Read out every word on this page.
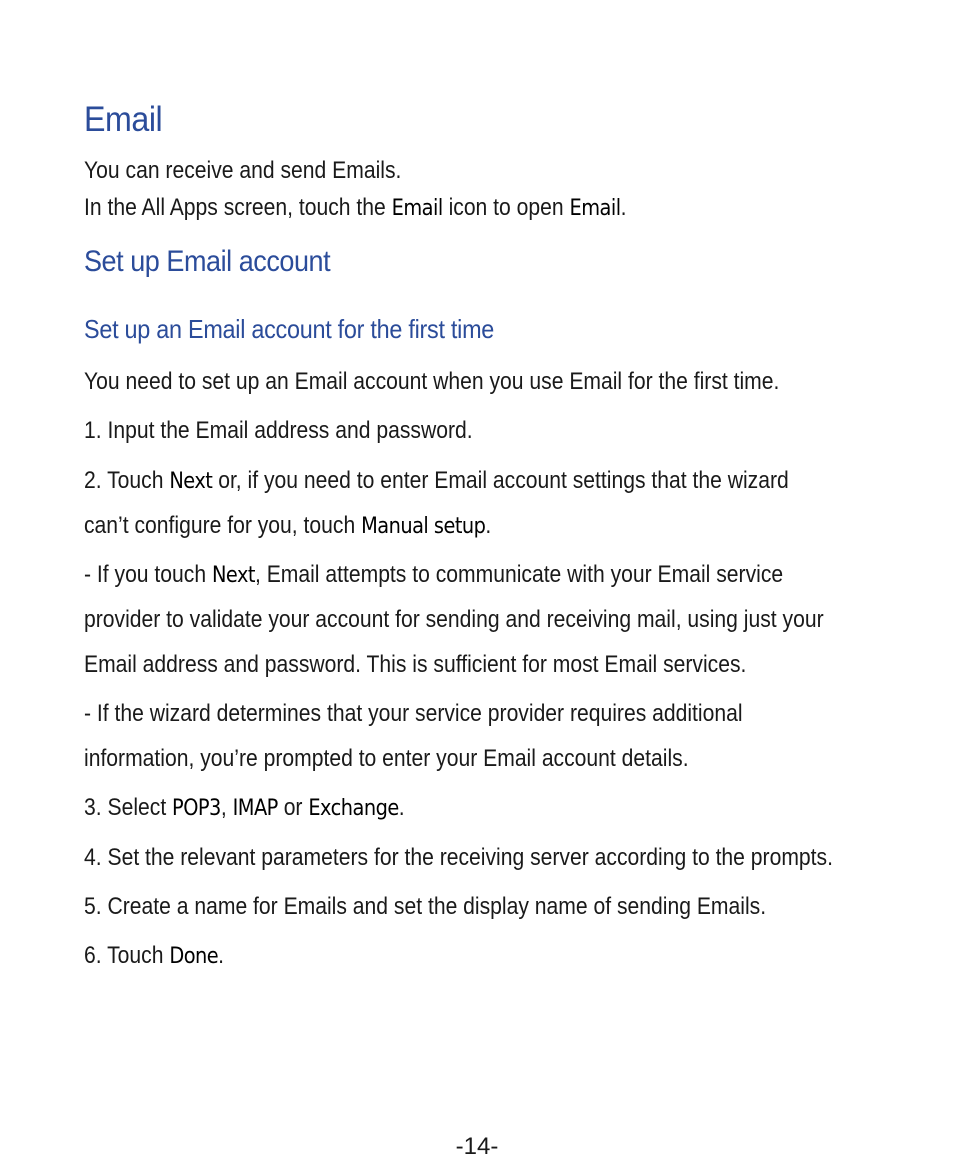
Email

You can receive and send Emails.

In the All Apps screen, touch the Email icon to open Email.

Set up Email account
Set up an Email account for the first time

You need to set up an Email account when you use Email for the first time.

1. Input the Email address and password.

2. Touch Next or, if you need to enter Email account settings that the wizard

can’t configure for you, touch Manual setup.

- If you touch Next, Email attempts to communicate with your Email service

provider to validate your account for sending and receiving mail, using just your

Email address and password. This is sufficient for most Email services.

- If the wizard determines that your service provider requires additional

information, you’re prompted to enter your Email account details.

3. Select POP3, IMAP or Exchange.

4. Set the relevant parameters for the receiving server according to the prompts.

5. Create a name for Emails and set the display name of sending Emails.

6. Touch Done.

-14-
